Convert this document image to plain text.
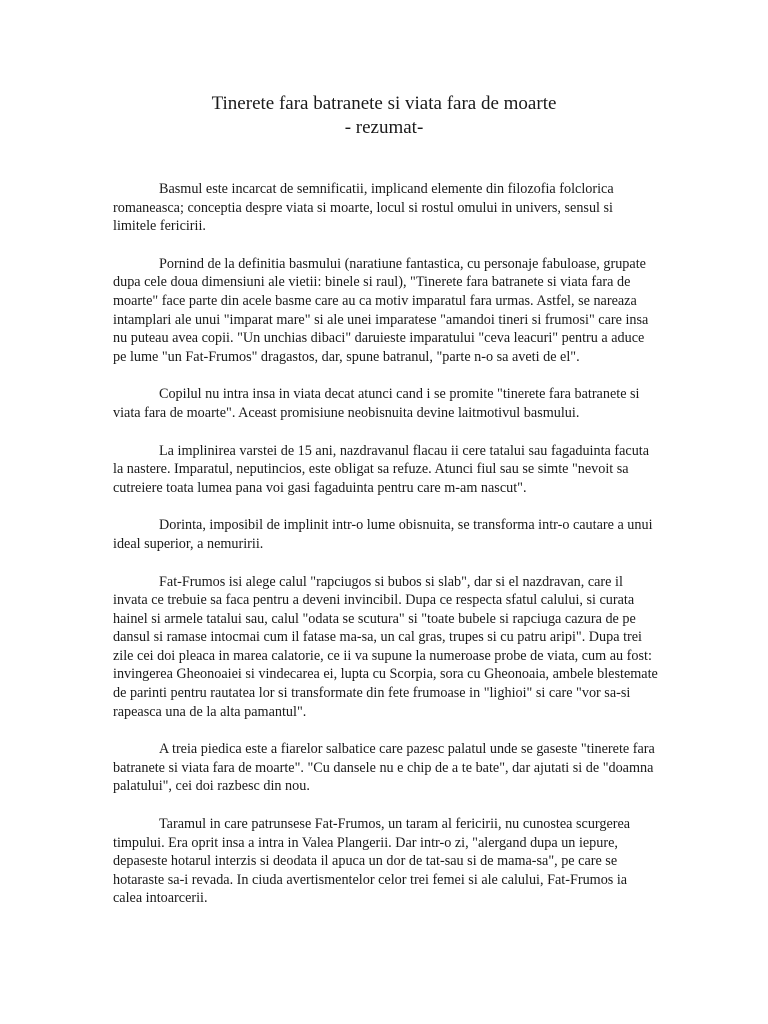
Tinerete fara batranete si viata fara de moarte
- rezumat-

Basmul este incarcat de semnificatii, implicand elemente din filozofia folclorica romaneasca; conceptia despre viata si moarte, locul si rostul omului in univers, sensul si limitele fericirii.

Pornind de la definitia basmului (naratiune fantastica, cu personaje fabuloase, grupate dupa cele doua dimensiuni ale vietii: binele si raul), "Tinerete fara batranete si viata fara de moarte" face parte din acele basme care au ca motiv imparatul fara urmas. Astfel, se nareaza intamplari ale unui "imparat mare" si ale unei imparatese "amandoi tineri si frumosi" care insa nu puteau avea copii. "Un unchias dibaci" daruieste imparatului "ceva leacuri" pentru a aduce pe lume "un Fat-Frumos" dragastos, dar, spune batranul, "parte n-o sa aveti de el".

Copilul nu intra insa in viata decat atunci cand i se promite "tinerete fara batranete si viata fara de moarte". Aceast promisiune neobisnuita devine laitmotivul basmului.

La implinirea varstei de 15 ani, nazdravanul flacau ii cere tatalui sau fagaduinta facuta la nastere. Imparatul, neputincios, este obligat sa refuze. Atunci fiul sau se simte "nevoit sa cutreiere toata lumea pana voi gasi fagaduinta pentru care m-am nascut".

Dorinta, imposibil de implinit intr-o lume obisnuita, se transforma intr-o cautare a unui ideal superior, a nemuririi.

Fat-Frumos isi alege calul "rapciugos si bubos si slab", dar si el nazdravan, care il invata ce trebuie sa faca pentru a deveni invincibil. Dupa ce respecta sfatul calului, si curata hainel si armele tatalui sau, calul "odata se scutura" si "toate bubele si rapciuga cazura de pe dansul si ramase intocmai cum il fatase ma-sa, un cal gras, trupes si cu patru aripi". Dupa trei zile cei doi pleaca in marea calatorie, ce ii va supune la numeroase probe de viata, cum au fost: invingerea Gheonoaiei si vindecarea ei, lupta cu Scorpia, sora cu Gheonoaia, ambele blestemate de parinti pentru rautatea lor si transformate din fete frumoase in "lighioi" si care "vor sa-si rapeasca una de la alta pamantul".

A treia piedica este a fiarelor salbatice care pazesc palatul unde se gaseste "tinerete fara batranete si viata fara de moarte". "Cu danselе nu e chip de a te bate", dar ajutati si de "doamna palatului", cei doi razbesc din nou.

Taramul in care patrunsese Fat-Frumos, un taram al fericirii, nu cunostea scurgerea timpului. Era oprit insa a intra in Valea Plangerii. Dar intr-o zi, "alergand dupa un iepure, depaseste hotarul interzis si deodata il apuca un dor de tat-sau si de mama-sa", pe care se hotaraste sa-i revada. In ciuda avertismentelor celor trei femei si ale calului, Fat-Frumos ia calea intoarcerii.
